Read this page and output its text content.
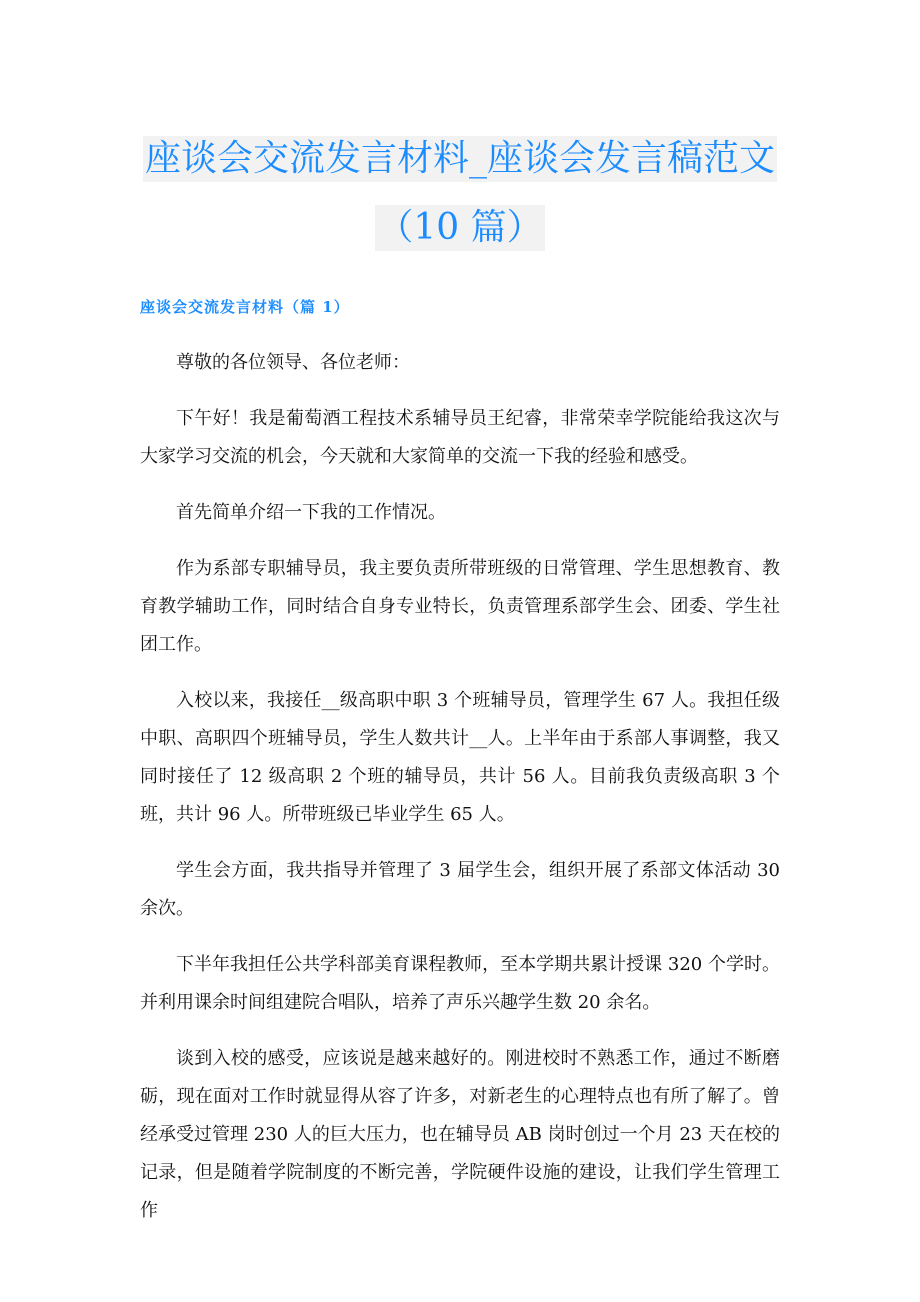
座谈会交流发言材料_座谈会发言稿范文
（10 篇）
座谈会交流发言材料（篇 1）

尊敬的各位领导、各位老师：

下午好！我是葡萄酒工程技术系辅导员王纪睿，非常荣幸学院能给我这次与大家学习交流的机会，今天就和大家简单的交流一下我的经验和感受。

首先简单介绍一下我的工作情况。

作为系部专职辅导员，我主要负责所带班级的日常管理、学生思想教育、教育教学辅助工作，同时结合自身专业特长，负责管理系部学生会、团委、学生社团工作。

入校以来，我接任__级高职中职 3 个班辅导员，管理学生 67 人。我担任级中职、高职四个班辅导员，学生人数共计__人。上半年由于系部人事调整，我又同时接任了 12 级高职 2 个班的辅导员，共计 56 人。目前我负责级高职 3 个班，共计 96 人。所带班级已毕业学生 65 人。

学生会方面，我共指导并管理了 3 届学生会，组织开展了系部文体活动 30 余次。

下半年我担任公共学科部美育课程教师，至本学期共累计授课 320 个学时。并利用课余时间组建院合唱队，培养了声乐兴趣学生数 20 余名。

谈到入校的感受，应该说是越来越好的。刚进校时不熟悉工作，通过不断磨砺，现在面对工作时就显得从容了许多，对新老生的心理特点也有所了解了。曾经承受过管理 230 人的巨大压力，也在辅导员 AB 岗时创过一个月 23 天在校的记录，但是随着学院制度的不断完善，学院硬件设施的建设，让我们学生管理工作
